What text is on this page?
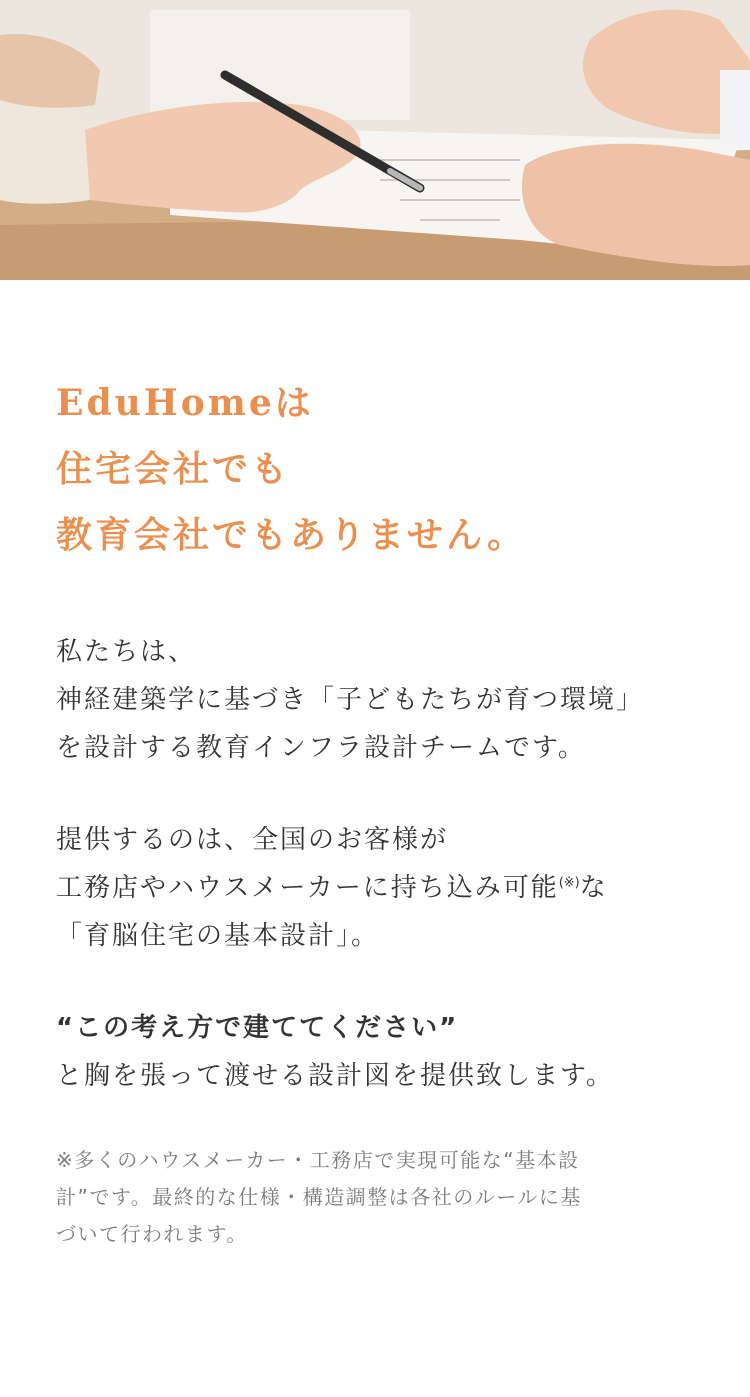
EduHomeは
住宅会社でも
教育会社でもありません。

私たちは、
神経建築学に基づき「子どもたちが育つ環境」
を設計する教育インフラ設計チームです。

提供するのは、全国のお客様が
工務店やハウスメーカーに持ち込み可能(※)な
「育脳住宅の基本設計」。

“この考え方で建ててください”
と胸を張って渡せる設計図を提供致します。

※多くのハウスメーカー・工務店で実現可能な“基本設
計”です。最終的な仕様・構造調整は各社のルールに基
づいて行われます。
